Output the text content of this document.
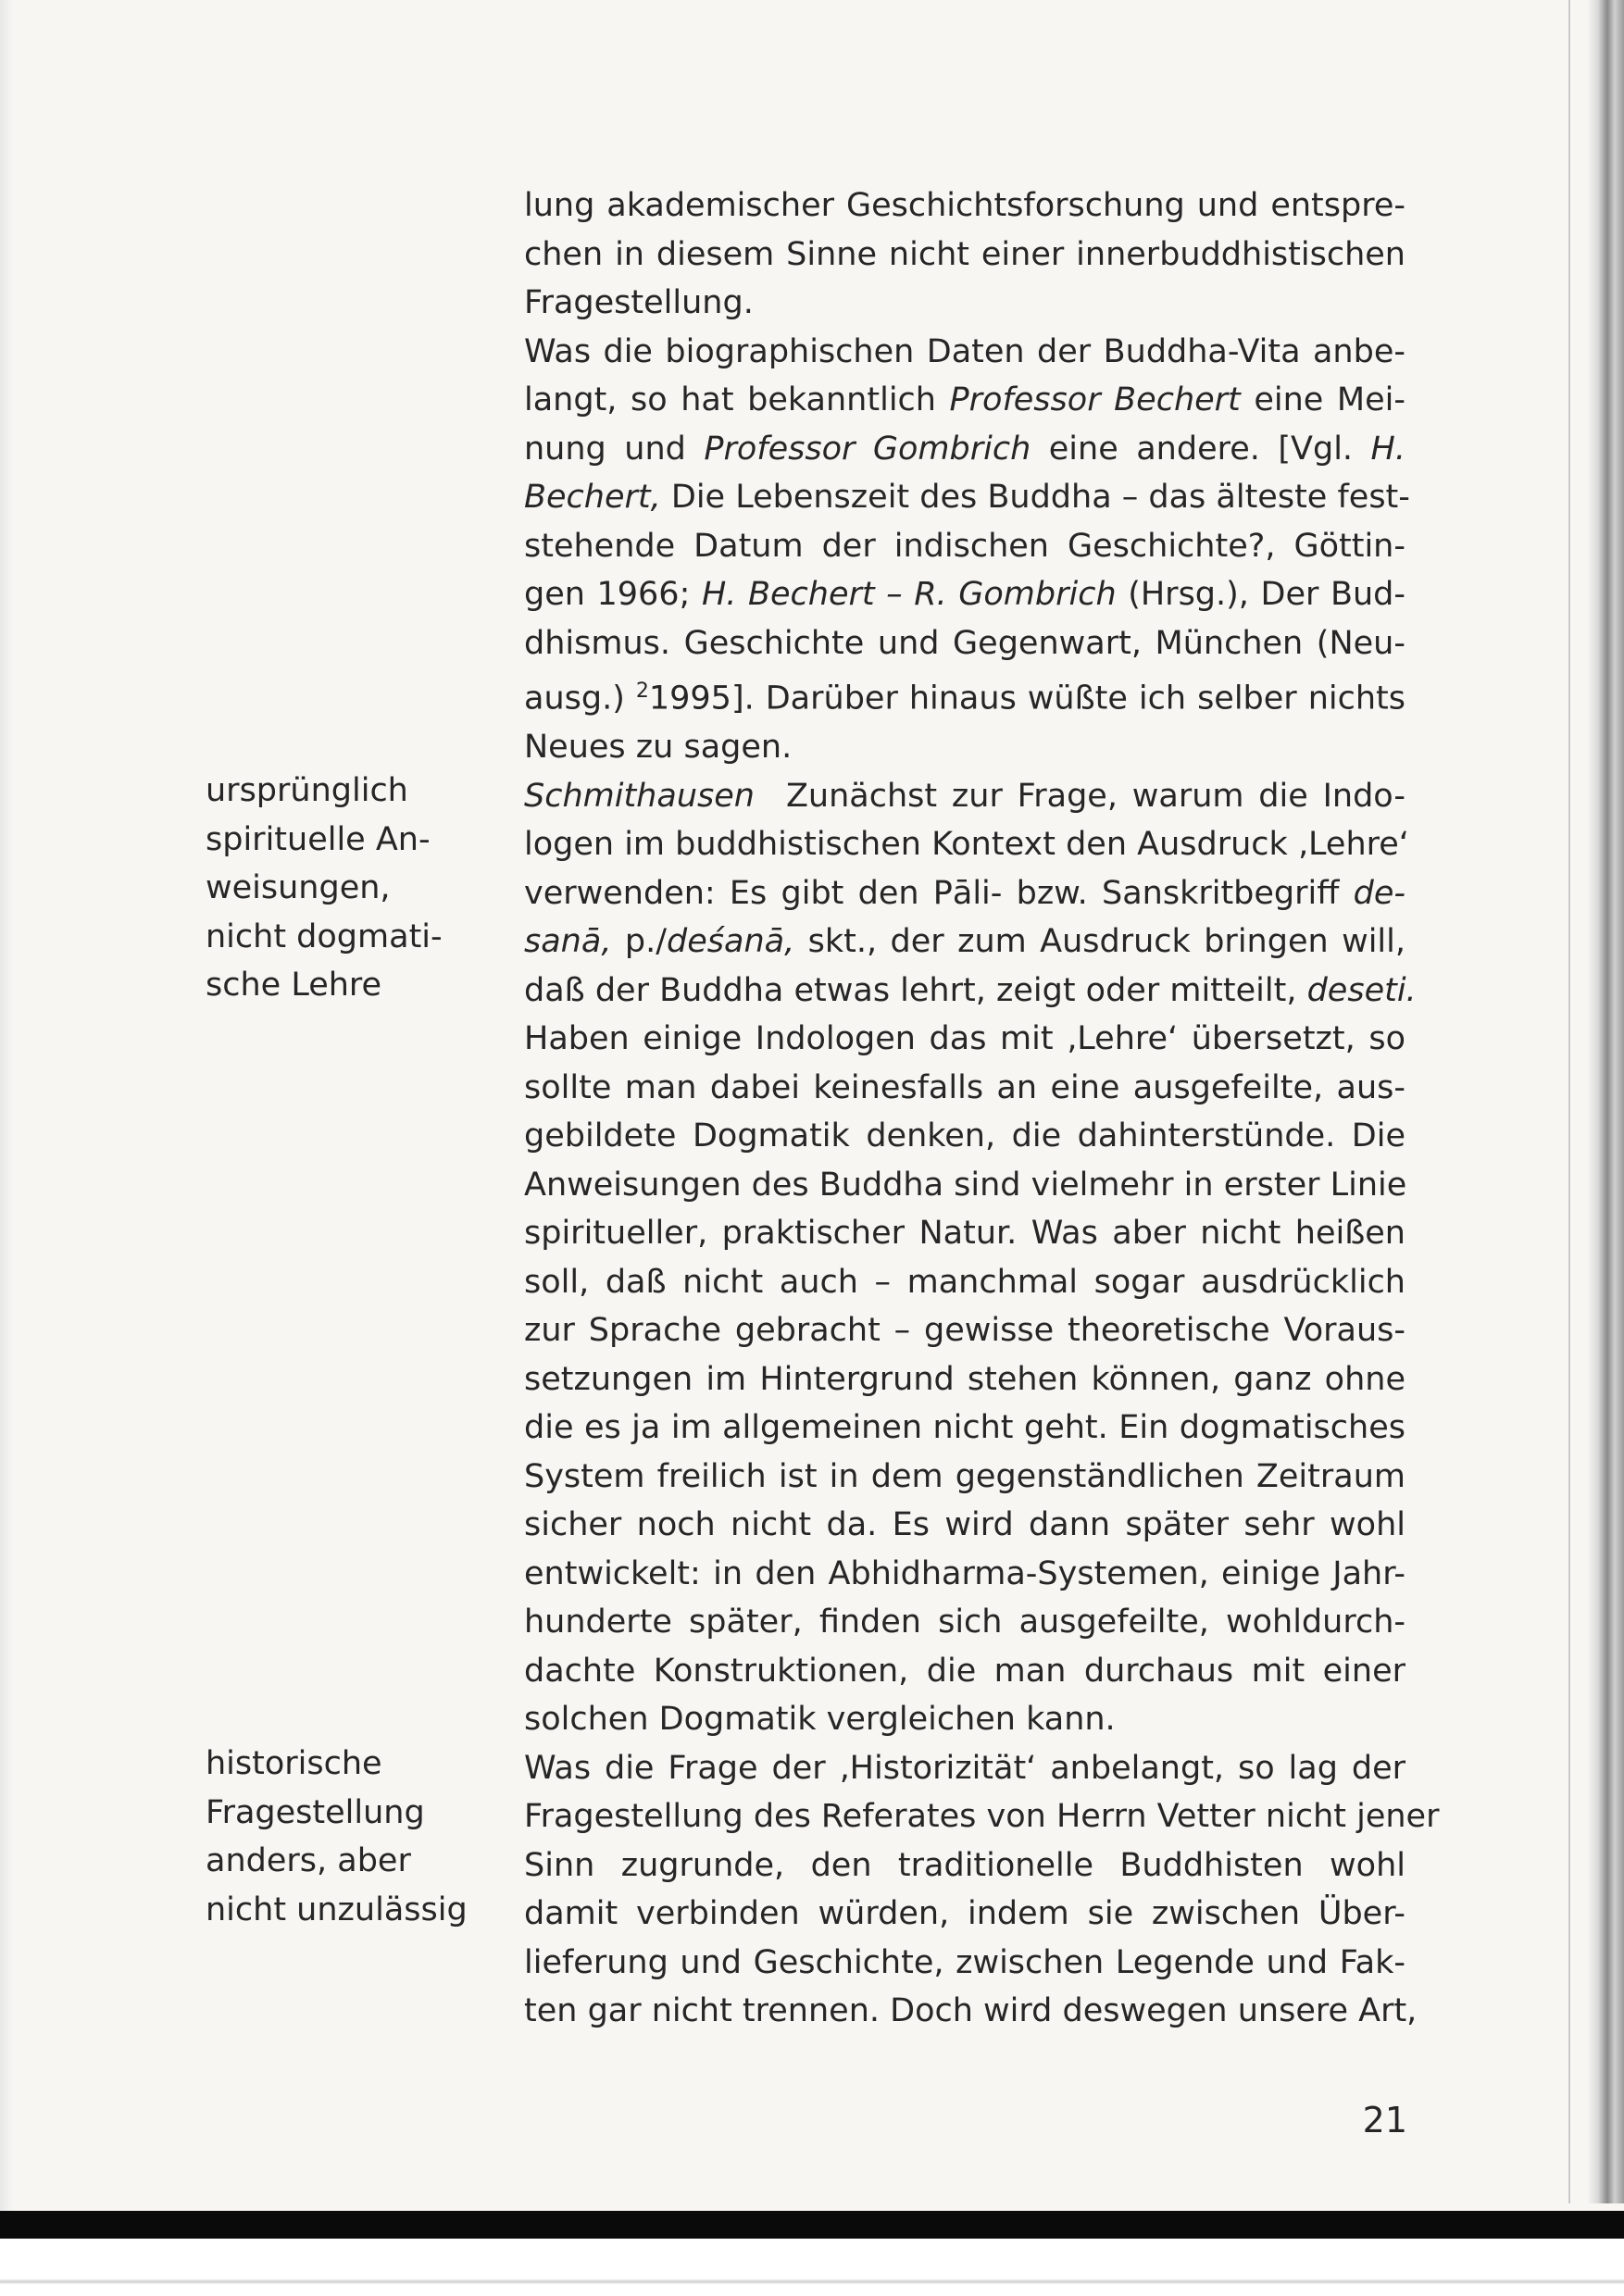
lung akademischer Geschichtsforschung und entspre-
chen in diesem Sinne nicht einer innerbuddhistischen
Fragestellung.
Was die biographischen Daten der Buddha-Vita anbe-
langt, so hat bekanntlich Professor Bechert eine Mei-
nung und Professor Gombrich eine andere. [Vgl. H.
Bechert, Die Lebenszeit des Buddha – das älteste fest-
stehende Datum der indischen Geschichte?, Göttin-
gen 1966; H. Bechert – R. Gombrich (Hrsg.), Der Bud-
dhismus. Geschichte und Gegenwart, München (Neu-
ausg.) $^2$1995]. Darüber hinaus wüßte ich selber nichts
Neues zu sagen.
Schmithausen Zunächst zur Frage, warum die Indo-
logen im buddhistischen Kontext den Ausdruck ‚Lehre‘
verwenden: Es gibt den Pāli- bzw. Sanskritbegriff de-
sanā, p./deśanā, skt., der zum Ausdruck bringen will,
daß der Buddha etwas lehrt, zeigt oder mitteilt, deseti.
Haben einige Indologen das mit ‚Lehre‘ übersetzt, so
sollte man dabei keinesfalls an eine ausgefeilte, aus-
gebildete Dogmatik denken, die dahinterstünde. Die
Anweisungen des Buddha sind vielmehr in erster Linie
spiritueller, praktischer Natur. Was aber nicht heißen
soll, daß nicht auch – manchmal sogar ausdrücklich
zur Sprache gebracht – gewisse theoretische Voraus-
setzungen im Hintergrund stehen können, ganz ohne
die es ja im allgemeinen nicht geht. Ein dogmatisches
System freilich ist in dem gegenständlichen Zeitraum
sicher noch nicht da. Es wird dann später sehr wohl
entwickelt: in den Abhidharma-Systemen, einige Jahr-
hunderte später, finden sich ausgefeilte, wohldurch-
dachte Konstruktionen, die man durchaus mit einer
solchen Dogmatik vergleichen kann.
Was die Frage der ‚Historizität‘ anbelangt, so lag der
Fragestellung des Referates von Herrn Vetter nicht jener
Sinn zugrunde, den traditionelle Buddhisten wohl
damit verbinden würden, indem sie zwischen Über-
lieferung und Geschichte, zwischen Legende und Fak-
ten gar nicht trennen. Doch wird deswegen unsere Art,
ursprünglich
spirituelle An-
weisungen,
nicht dogmati-
sche Lehre
historische
Fragestellung
anders, aber
nicht unzulässig
21
